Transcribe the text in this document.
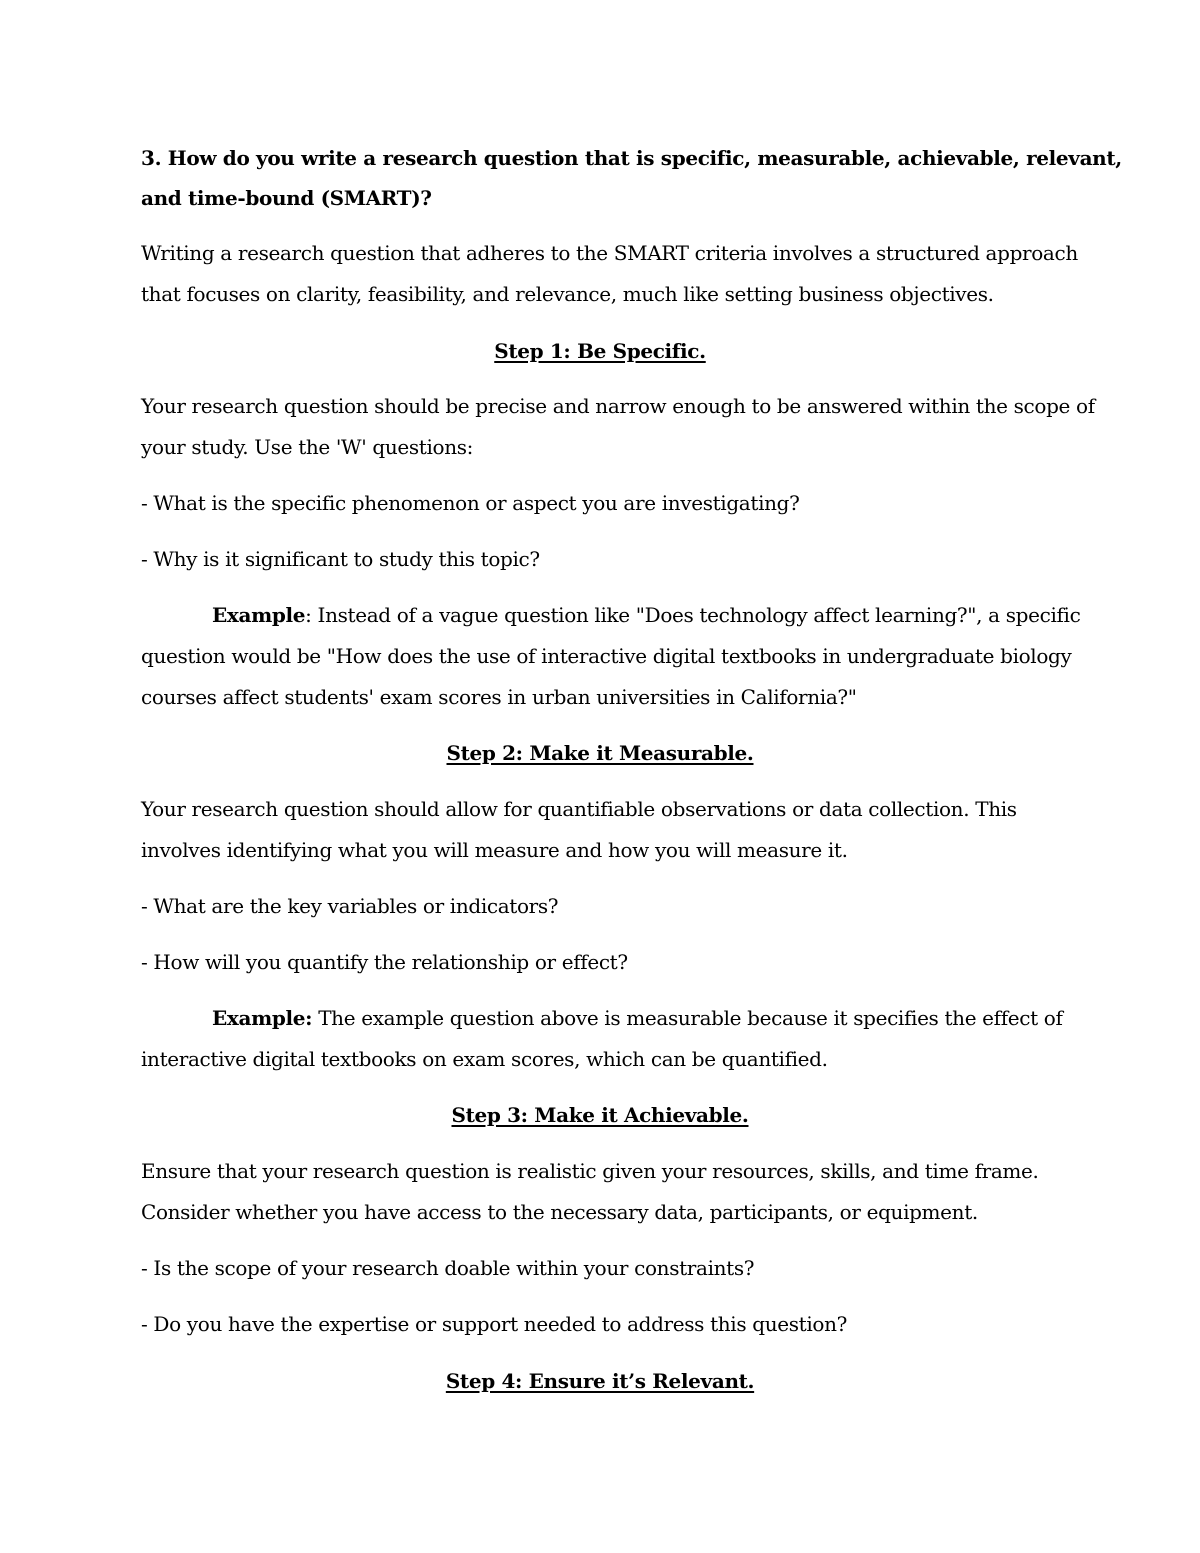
3. How do you write a research question that is specific, measurable, achievable, relevant,
and time-bound (SMART)?
Writing a research question that adheres to the SMART criteria involves a structured approach
that focuses on clarity, feasibility, and relevance, much like setting business objectives.
Step 1: Be Specific.
Your research question should be precise and narrow enough to be answered within the scope of
your study. Use the 'W' questions:
- What is the specific phenomenon or aspect you are investigating?
- Why is it significant to study this topic?
Example: Instead of a vague question like "Does technology affect learning?", a specific
question would be "How does the use of interactive digital textbooks in undergraduate biology
courses affect students' exam scores in urban universities in California?"
Step 2: Make it Measurable.
Your research question should allow for quantifiable observations or data collection. This
involves identifying what you will measure and how you will measure it.
- What are the key variables or indicators?
- How will you quantify the relationship or effect?
Example: The example question above is measurable because it specifies the effect of
interactive digital textbooks on exam scores, which can be quantified.
Step 3: Make it Achievable.
Ensure that your research question is realistic given your resources, skills, and time frame.
Consider whether you have access to the necessary data, participants, or equipment.
- Is the scope of your research doable within your constraints?
- Do you have the expertise or support needed to address this question?
Step 4: Ensure it’s Relevant.
